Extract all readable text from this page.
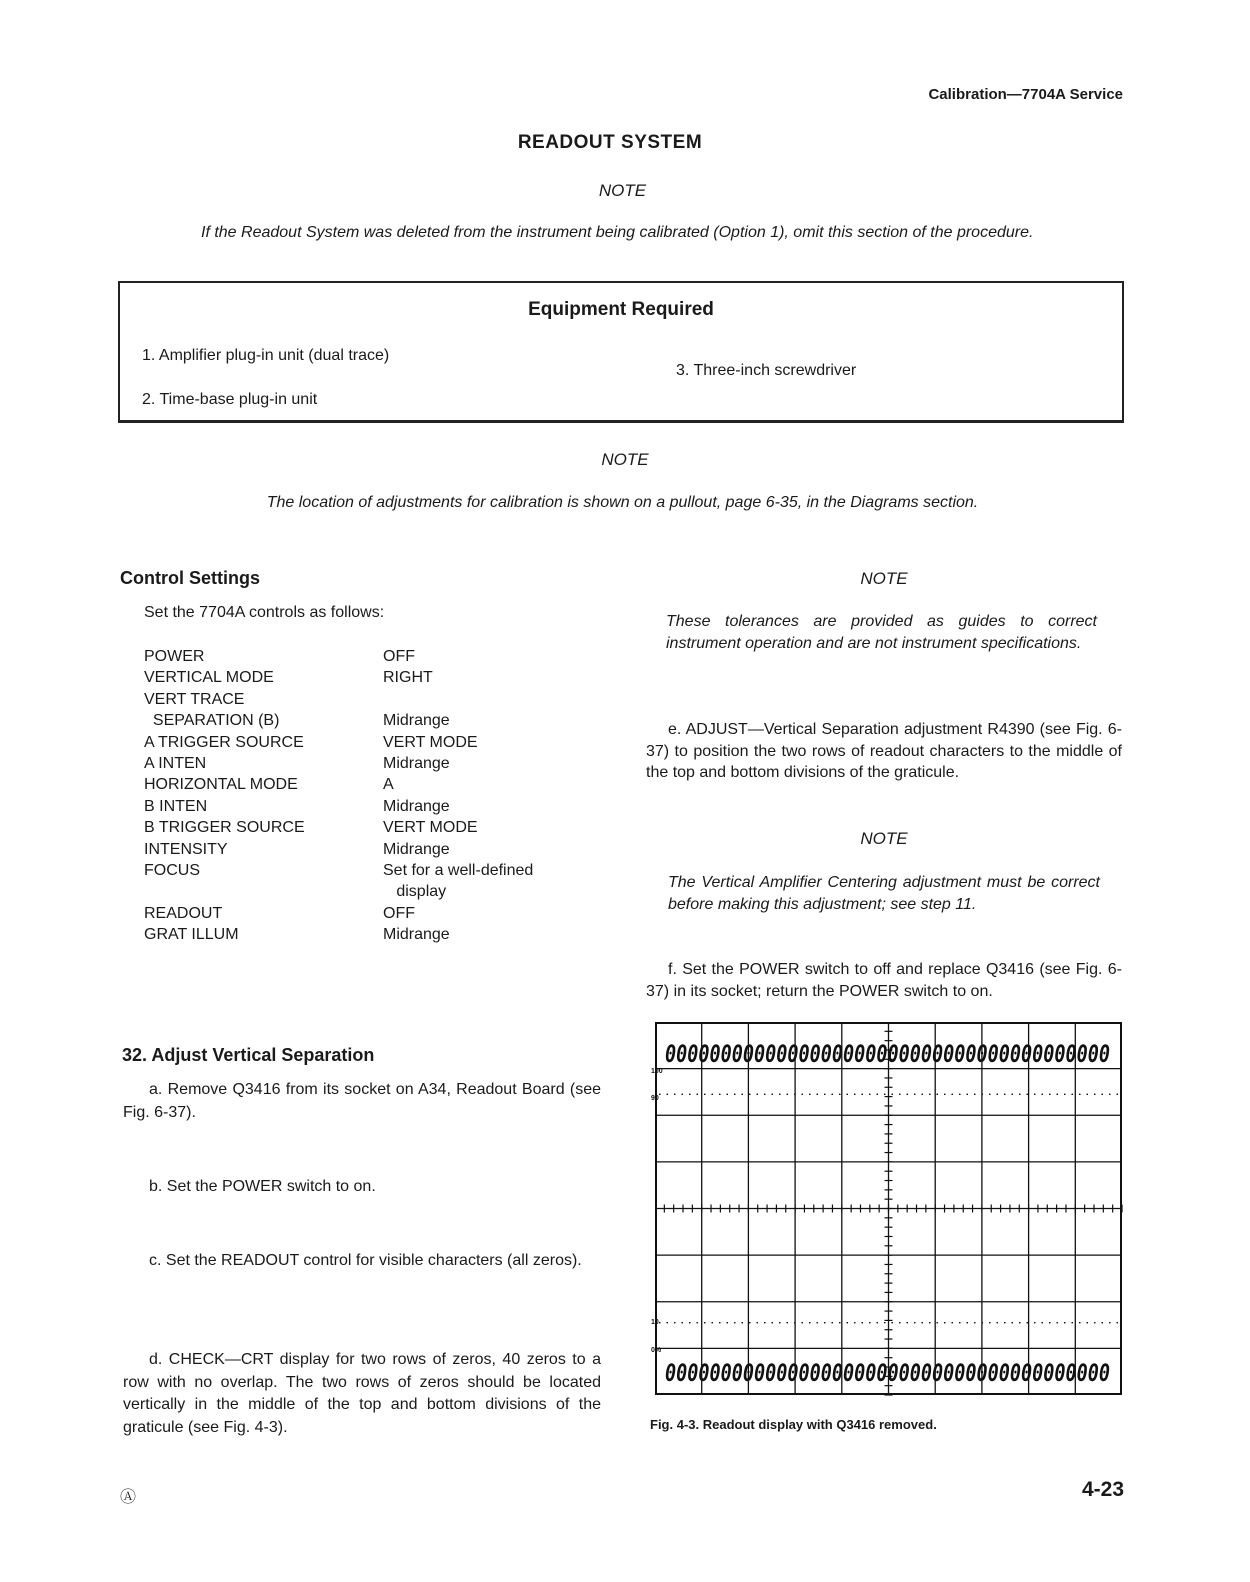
Calibration—7704A Service
READOUT SYSTEM
NOTE
If the Readout System was deleted from the instrument being calibrated (Option 1), omit this section of the procedure.
Equipment Required
1. Amplifier plug-in unit (dual trace)
2. Time-base plug-in unit
3. Three-inch screwdriver
NOTE
The location of adjustments for calibration is shown on a pullout, page 6-35, in the Diagrams section.
Control Settings
Set the 7704A controls as follows:
POWER	OFF
VERTICAL MODE	RIGHT
VERT TRACE
SEPARATION (B)	Midrange
A TRIGGER SOURCE	VERT MODE
A INTEN	Midrange
HORIZONTAL MODE	A
B INTEN	Midrange
B TRIGGER SOURCE	VERT MODE
INTENSITY	Midrange
FOCUS	Set for a well-defined
display
READOUT	OFF
GRAT ILLUM	Midrange
32. Adjust Vertical Separation
a. Remove Q3416 from its socket on A34, Readout Board (see Fig. 6-37).
b. Set the POWER switch to on.
c. Set the READOUT control for visible characters (all zeros).
d. CHECK—CRT display for two rows of zeros, 40 zeros to a row with no overlap. The two rows of zeros should be located vertically in the middle of the top and bottom divisions of the graticule (see Fig. 4-3).
NOTE
These tolerances are provided as guides to correct instrument operation and are not instrument specifications.
e. ADJUST—Vertical Separation adjustment R4390 (see Fig. 6-37) to position the two rows of readout characters to the middle of the top and bottom divisions of the graticule.
NOTE
The Vertical Amplifier Centering adjustment must be correct before making this adjustment; see step 11.
f. Set the POWER switch to off and replace Q3416 (see Fig. 6-37) in its socket; return the POWER switch to on.
0000000000000000000000000000000000000000
0000000000000000000000000000000000000000
100
90
10
0%
Fig. 4-3. Readout display with Q3416 removed.
Ⓐ	4-23
